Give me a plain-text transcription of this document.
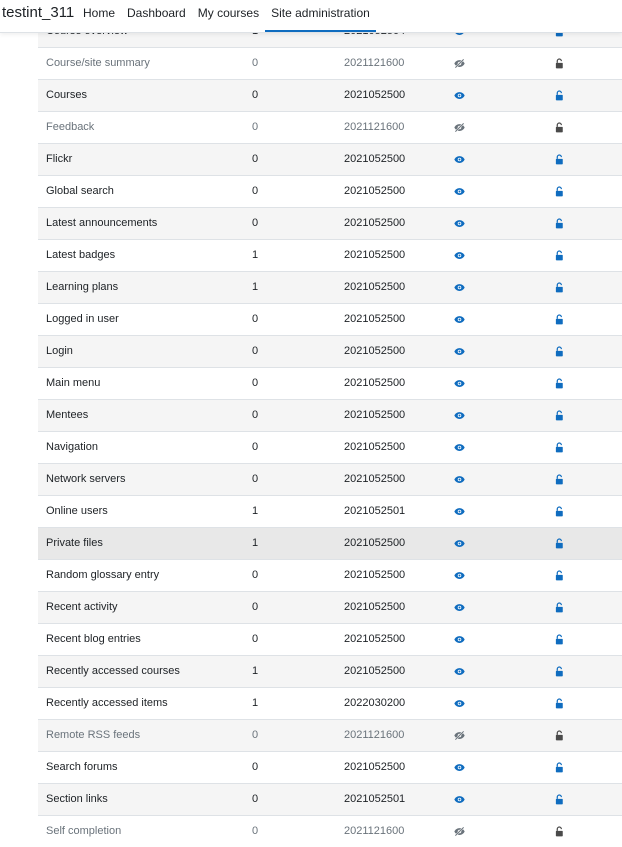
Course/site summary	0	2021121600
Courses	0	2021052500
Feedback	0	2021121600
Flickr	0	2021052500
Global search	0	2021052500
Latest announcements	0	2021052500
Latest badges	1	2021052500
Learning plans	1	2021052500
Logged in user	0	2021052500
Login	0	2021052500
Main menu	0	2021052500
Mentees	0	2021052500
Navigation	0	2021052500
Network servers	0	2021052500
Online users	1	2021052501
Private files	1	2021052500
Random glossary entry	0	2021052500
Recent activity	0	2021052500
Recent blog entries	0	2021052500
Recently accessed courses	1	2021052500
Recently accessed items	1	2022030200
Remote RSS feeds	0	2021121600
Search forums	0	2021052500
Section links	0	2021052501
Self completion	0	2021121600
testint_311 Home	Dashboard	My courses	Site administration
